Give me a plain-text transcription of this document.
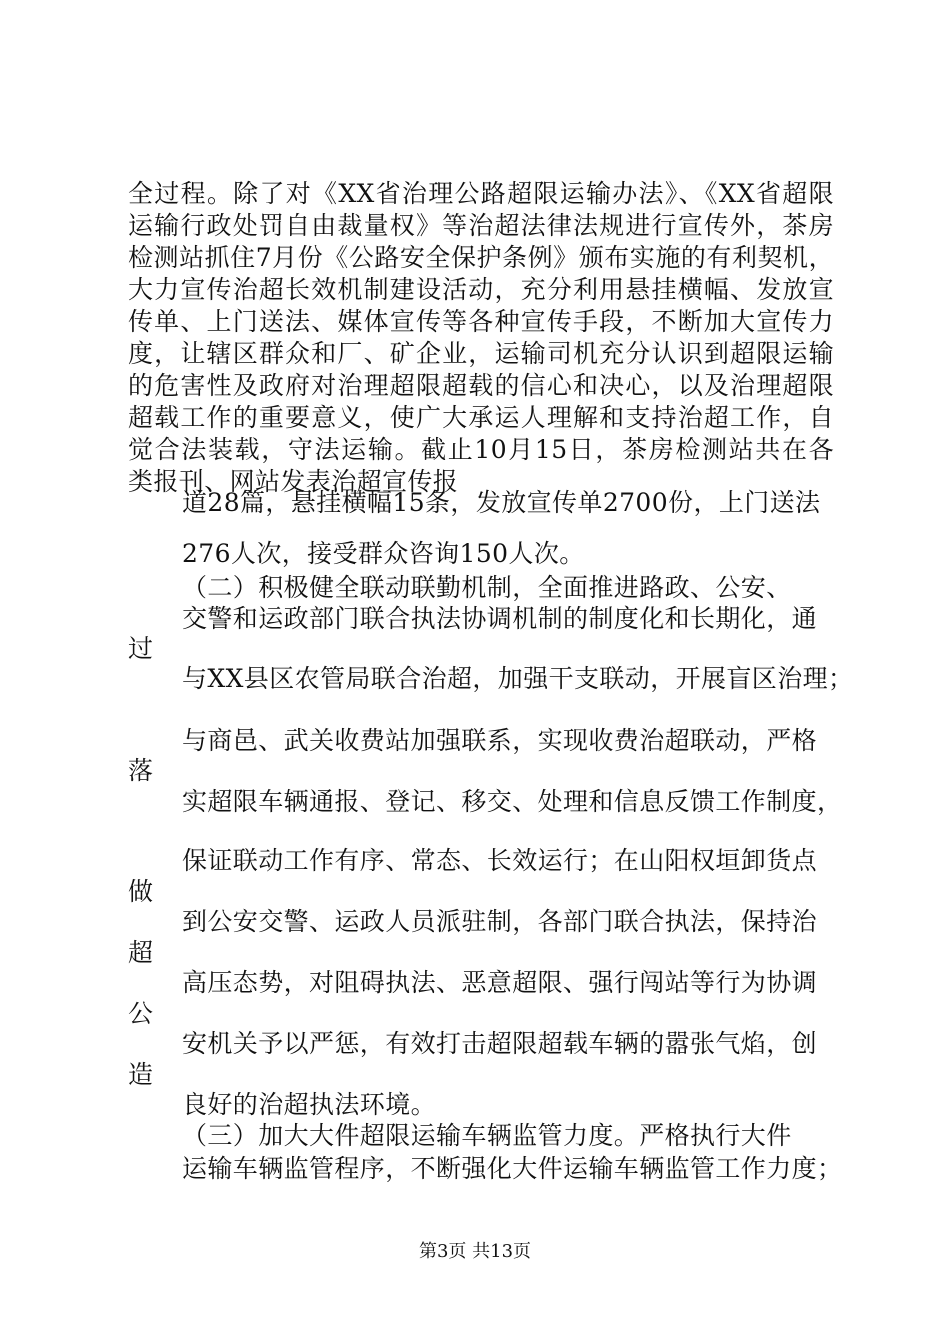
全过程。除了对《XX省治理公路超限运输办法》、《XX省超限
运输行政处罚自由裁量权》等治超法律法规进行宣传外，茶房
检测站抓住7月份《公路安全保护条例》颁布实施的有利契机，
大力宣传治超长效机制建设活动，充分利用悬挂横幅、发放宣
传单、上门送法、媒体宣传等各种宣传手段，不断加大宣传力
度，让辖区群众和厂、矿企业，运输司机充分认识到超限运输
的危害性及政府对治理超限超载的信心和决心，以及治理超限
超载工作的重要意义，使广大承运人理解和支持治超工作，自
觉合法装载，守法运输。截止10月15日，茶房检测站共在各
类报刊、网站发表治超宣传报
道28篇，悬挂横幅15条，发放宣传单2700份，上门送法
276人次，接受群众咨询150人次。
（二）积极健全联动联勤机制，全面推进路政、公安、
交警和运政部门联合执法协调机制的制度化和长期化，通
过
与XX县区农管局联合治超，加强干支联动，开展盲区治理；
与商邑、武关收费站加强联系，实现收费治超联动，严格
落
实超限车辆通报、登记、移交、处理和信息反馈工作制度，
保证联动工作有序、常态、长效运行；在山阳权垣卸货点
做
到公安交警、运政人员派驻制，各部门联合执法，保持治
超
高压态势，对阻碍执法、恶意超限、强行闯站等行为协调
公
安机关予以严惩，有效打击超限超载车辆的嚣张气焰，创
造
良好的治超执法环境。
（三）加大大件超限运输车辆监管力度。严格执行大件
运输车辆监管程序，不断强化大件运输车辆监管工作力度；
第3页 共13页
